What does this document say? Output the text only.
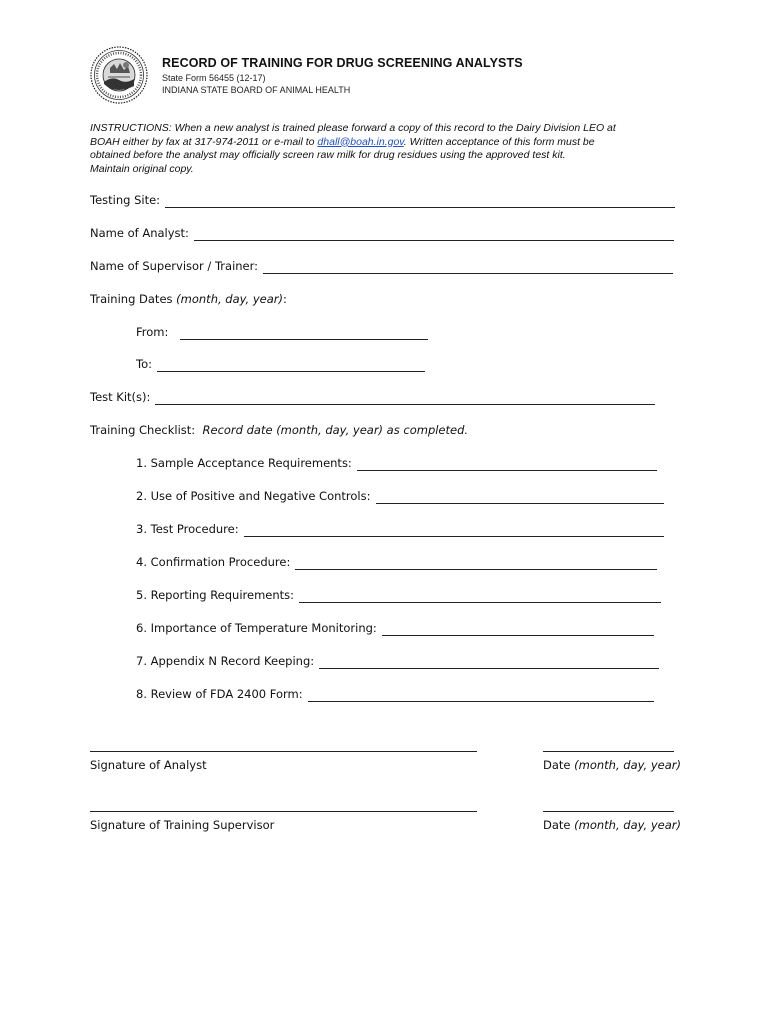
RECORD OF TRAINING FOR DRUG SCREENING ANALYSTS
State Form 56455 (12-17)
INDIANA STATE BOARD OF ANIMAL HEALTH
INSTRUCTIONS: When a new analyst is trained please forward a copy of this record to the Dairy Division LEO at
BOAH either by fax at 317-974-2011 or e-mail to dhall@boah.in.gov. Written acceptance of this form must be
obtained before the analyst may officially screen raw milk for drug residues using the approved test kit.
Maintain original copy.
Testing Site:
Name of Analyst:
Name of Supervisor / Trainer:
Training Dates (month, day, year):
From:
To:
Test Kit(s):
Training Checklist: Record date (month, day, year) as completed.
1. Sample Acceptance Requirements:
2. Use of Positive and Negative Controls:
3. Test Procedure:
4. Confirmation Procedure:
5. Reporting Requirements:
6. Importance of Temperature Monitoring:
7. Appendix N Record Keeping:
8. Review of FDA 2400 Form:
Signature of Analyst	Date (month, day, year)
Signature of Training Supervisor	Date (month, day, year)
